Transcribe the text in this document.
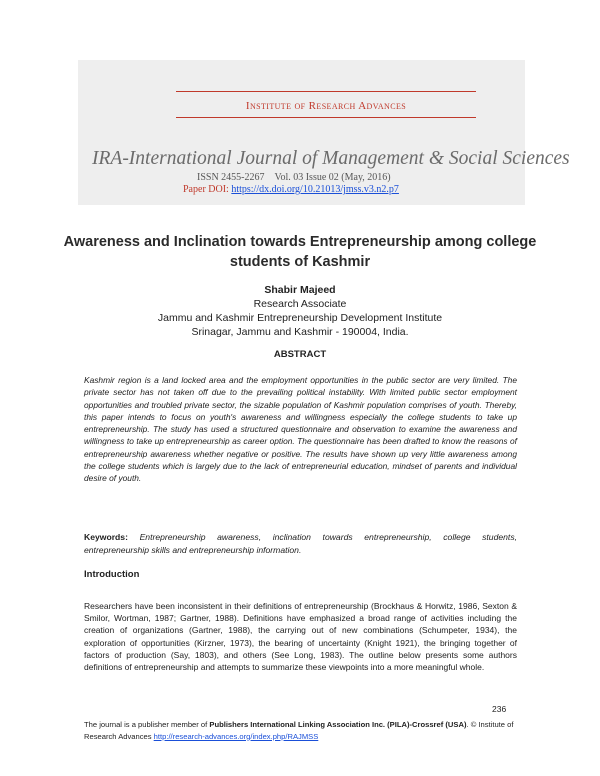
Institute of Research Advances
IRA-International Journal of Management & Social Sciences
ISSN 2455-2267 Vol. 03 Issue 02 (May, 2016)
Paper DOI: https://dx.doi.org/10.21013/jmss.v3.n2.p7
Awareness and Inclination towards Entrepreneurship among college students of Kashmir
Shabir Majeed
Research Associate
Jammu and Kashmir Entrepreneurship Development Institute
Srinagar, Jammu and Kashmir - 190004, India.
ABSTRACT
Kashmir region is a land locked area and the employment opportunities in the public sector are very limited. The private sector has not taken off due to the prevailing political instability. With limited public sector employment opportunities and troubled private sector, the sizable population of Kashmir population comprises of youth. Thereby, this paper intends to focus on youth's awareness and willingness especially the college students to take up entrepreneurship. The study has used a structured questionnaire and observation to examine the awareness and willingness to take up entrepreneurship as career option. The questionnaire has been drafted to know the reasons of entrepreneurship awareness whether negative or positive. The results have shown up very little awareness among the college students which is largely due to the lack of entrepreneurial education, mindset of parents and individual desire of youth.
Keywords: Entrepreneurship awareness, inclination towards entrepreneurship, college students, entrepreneurship skills and entrepreneurship information.
Introduction
Researchers have been inconsistent in their definitions of entrepreneurship (Brockhaus & Horwitz, 1986, Sexton & Smilor, Wortman, 1987; Gartner, 1988). Definitions have emphasized a broad range of activities including the creation of organizations (Gartner, 1988), the carrying out of new combinations (Schumpeter, 1934), the exploration of opportunities (Kirzner, 1973), the bearing of uncertainty (Knight 1921), the bringing together of factors of production (Say, 1803), and others (See Long, 1983). The outline below presents some authors definitions of entrepreneurship and attempts to summarize these viewpoints into a more meaningful whole.
236
The journal is a publisher member of Publishers International Linking Association Inc. (PILA)-Crossref (USA). © Institute of Research Advances http://research-advances.org/index.php/RAJMSS
